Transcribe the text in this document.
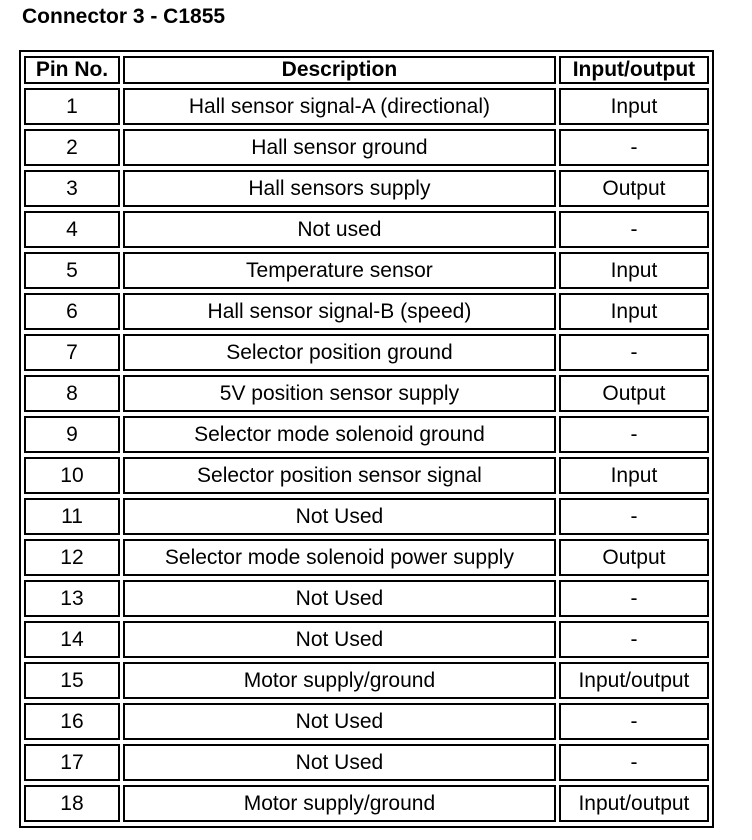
Connector 3 - C1855
Pin No.	Description	Input/output
1	Hall sensor signal-A (directional)	Input
2	Hall sensor ground	-
3	Hall sensors supply	Output
4	Not used	-
5	Temperature sensor	Input
6	Hall sensor signal-B (speed)	Input
7	Selector position ground	-
8	5V position sensor supply	Output
9	Selector mode solenoid ground	-
10	Selector position sensor signal	Input
11	Not Used	-
12	Selector mode solenoid power supply	Output
13	Not Used	-
14	Not Used	-
15	Motor supply/ground	Input/output
16	Not Used	-
17	Not Used	-
18	Motor supply/ground	Input/output
